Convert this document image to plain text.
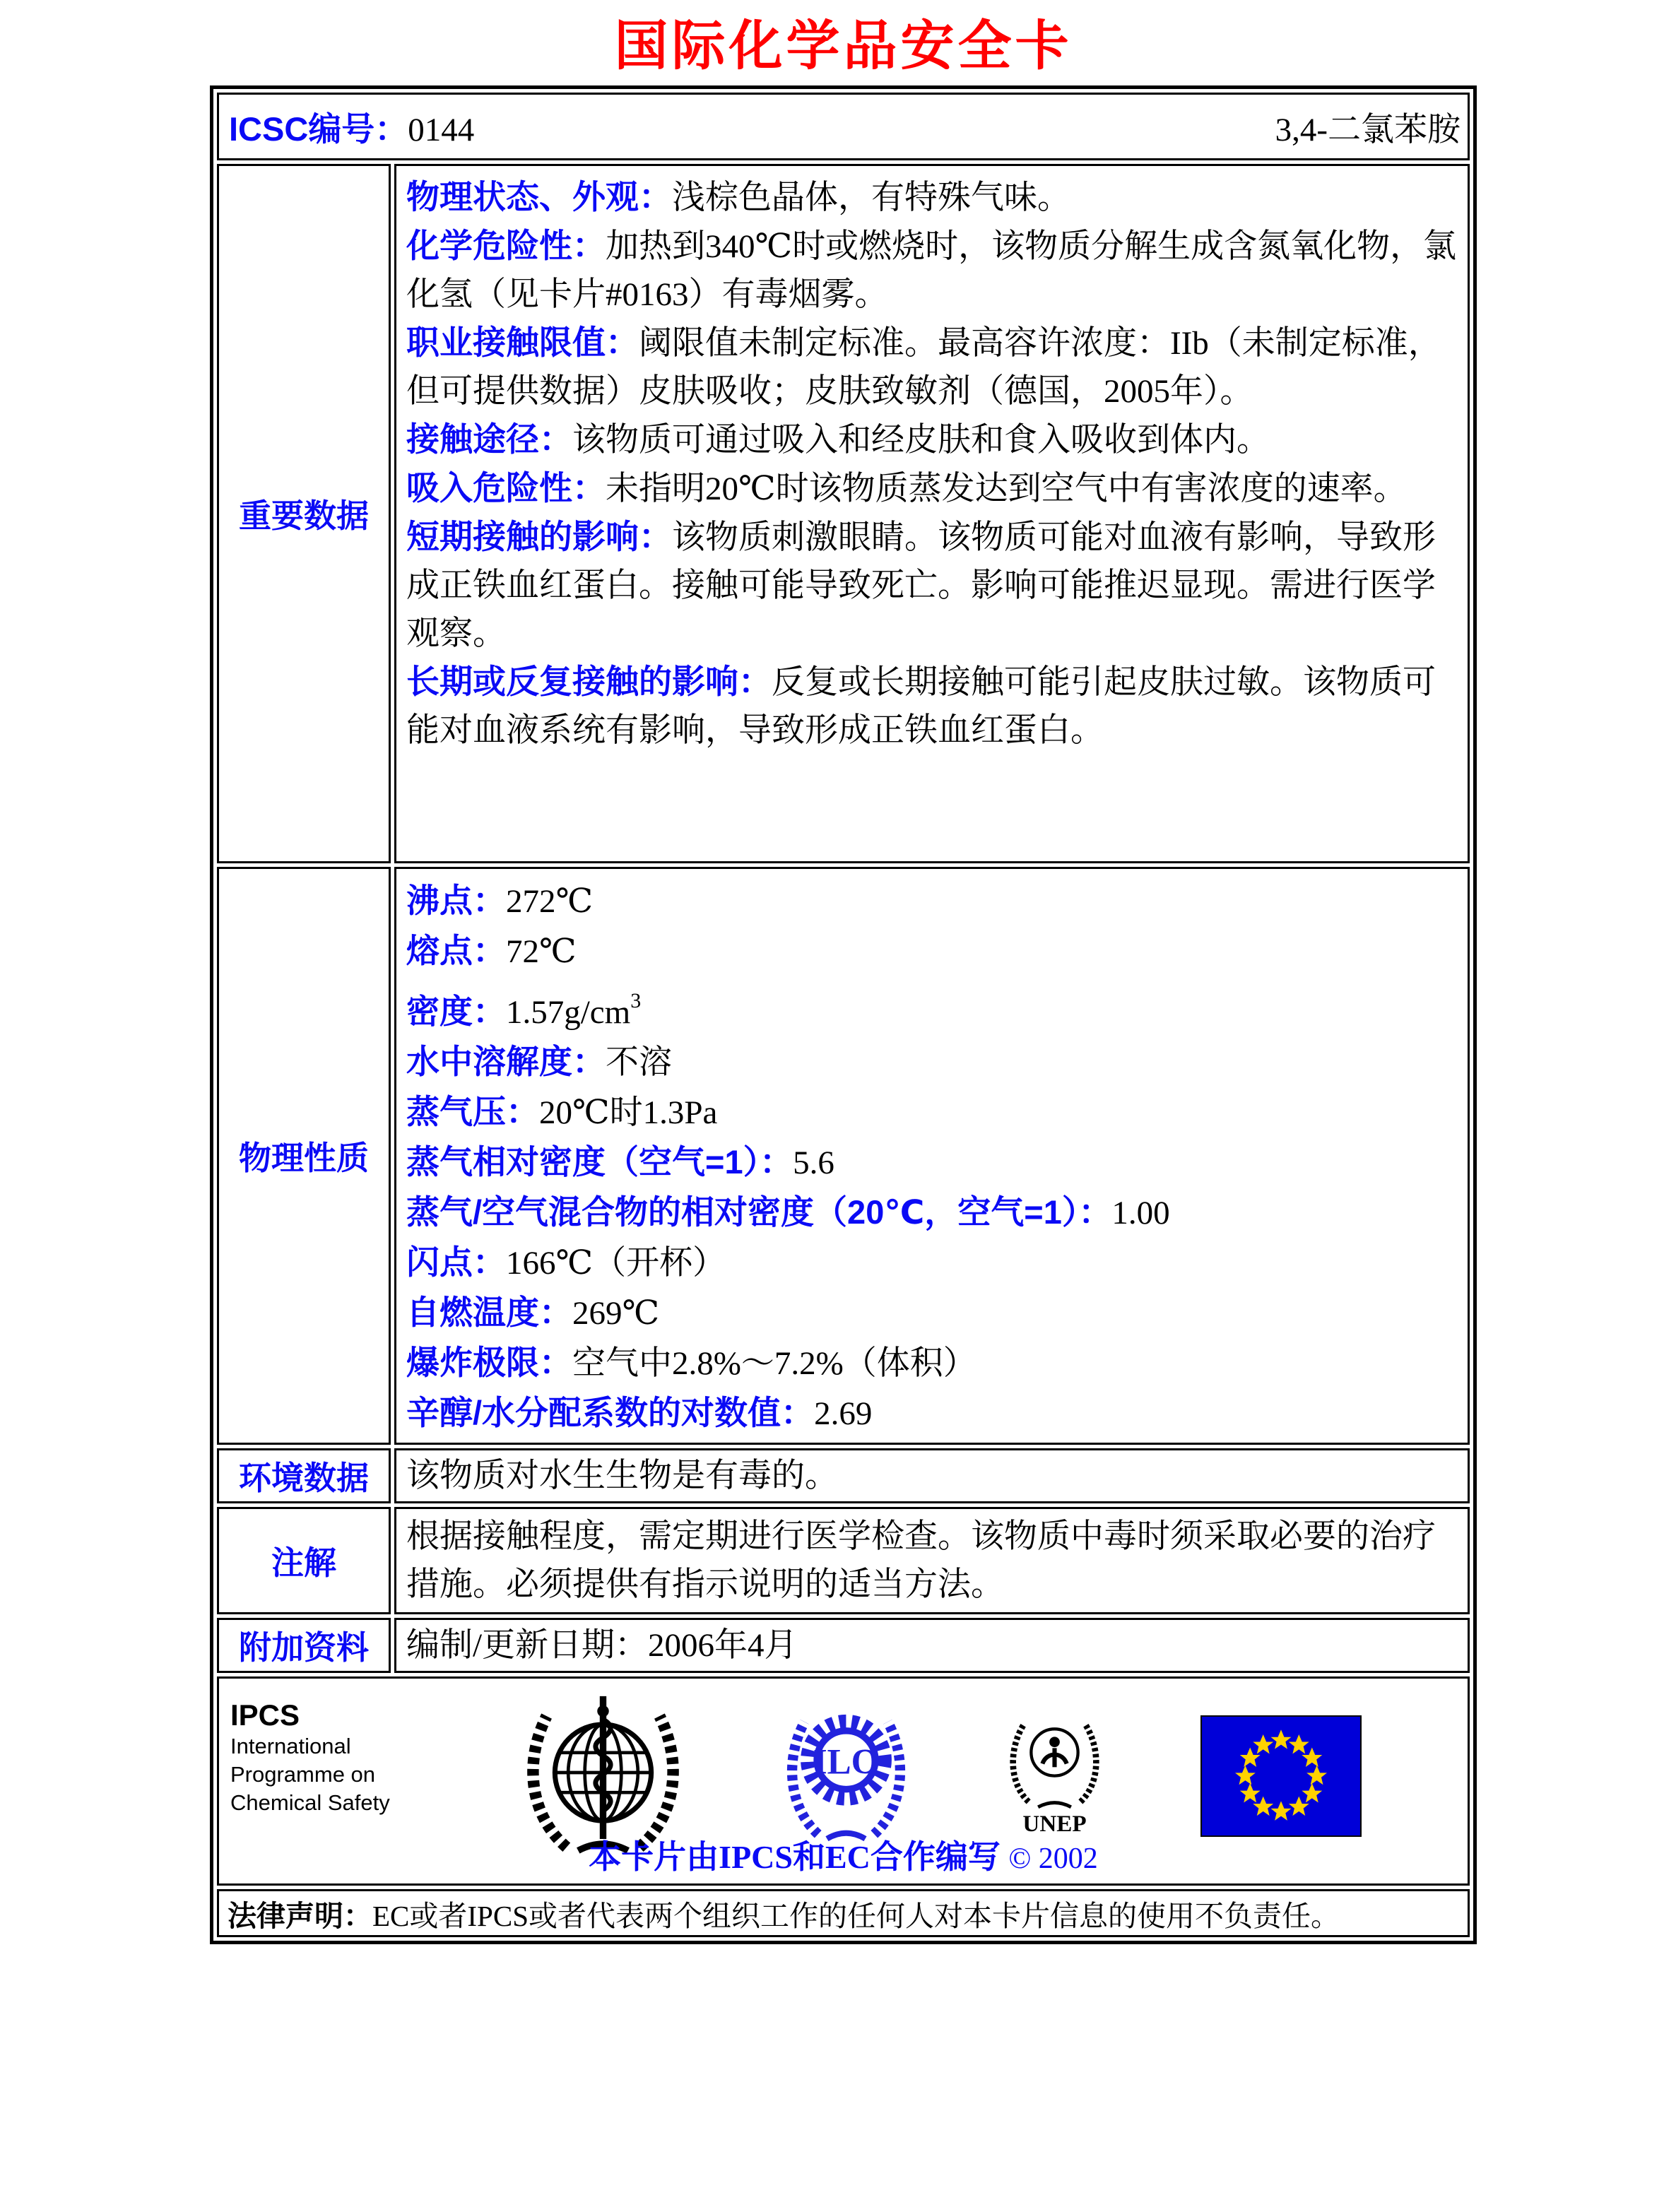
国际化学品安全卡
ICSC编号：0144 3,4-二氯苯胺	

重要数据	
物理状态、外观：浅棕色晶体，有特殊气味。
化学危险性：加热到340℃时或燃烧时，该物质分解生成含氮氧化物，氯化氢（见卡片#0163）有毒烟雾。
职业接触限值：阈限值未制定标准。最高容许浓度：IIb（未制定标准，但可提供数据）皮肤吸收；皮肤致敏剂（德国，2005年）。
接触途径：该物质可通过吸入和经皮肤和食入吸收到体内。
吸入危险性：未指明20℃时该物质蒸发达到空气中有害浓度的速率。
短期接触的影响：该物质刺激眼睛。该物质可能对血液有影响，导致形成正铁血红蛋白。接触可能导致死亡。影响可能推迟显现。需进行医学观察。
长期或反复接触的影响：反复或长期接触可能引起皮肤过敏。该物质可能对血液系统有影响，导致形成正铁血红蛋白。

物理性质	
沸点：272℃
熔点：72℃
密度：$1.57g/cm^3$
水中溶解度：不溶
蒸气压：20℃时1.3Pa
蒸气相对密度（空气=1）：5.6
蒸气/空气混合物的相对密度（20℃，空气=1）：1.00
闪点：166℃（开杯）
自燃温度：269℃
爆炸极限：空气中2.8%～7.2%（体积）
辛醇/水分配系数的对数值：2.69

环境数据	该物质对水生生物是有毒的。

注解	根据接触程度，需定期进行医学检查。该物质中毒时须采取必要的治疗措施。必须提供有指示说明的适当方法。

附加资料	编制/更新日期：2006年4月

IPCS
International
Programme on
Chemical Safety
ILO
UNEP
本卡片由IPCS和EC合作编写 © 2002

法律声明：EC或者IPCS或者代表两个组织工作的任何人对本卡片信息的使用不负责任。	
